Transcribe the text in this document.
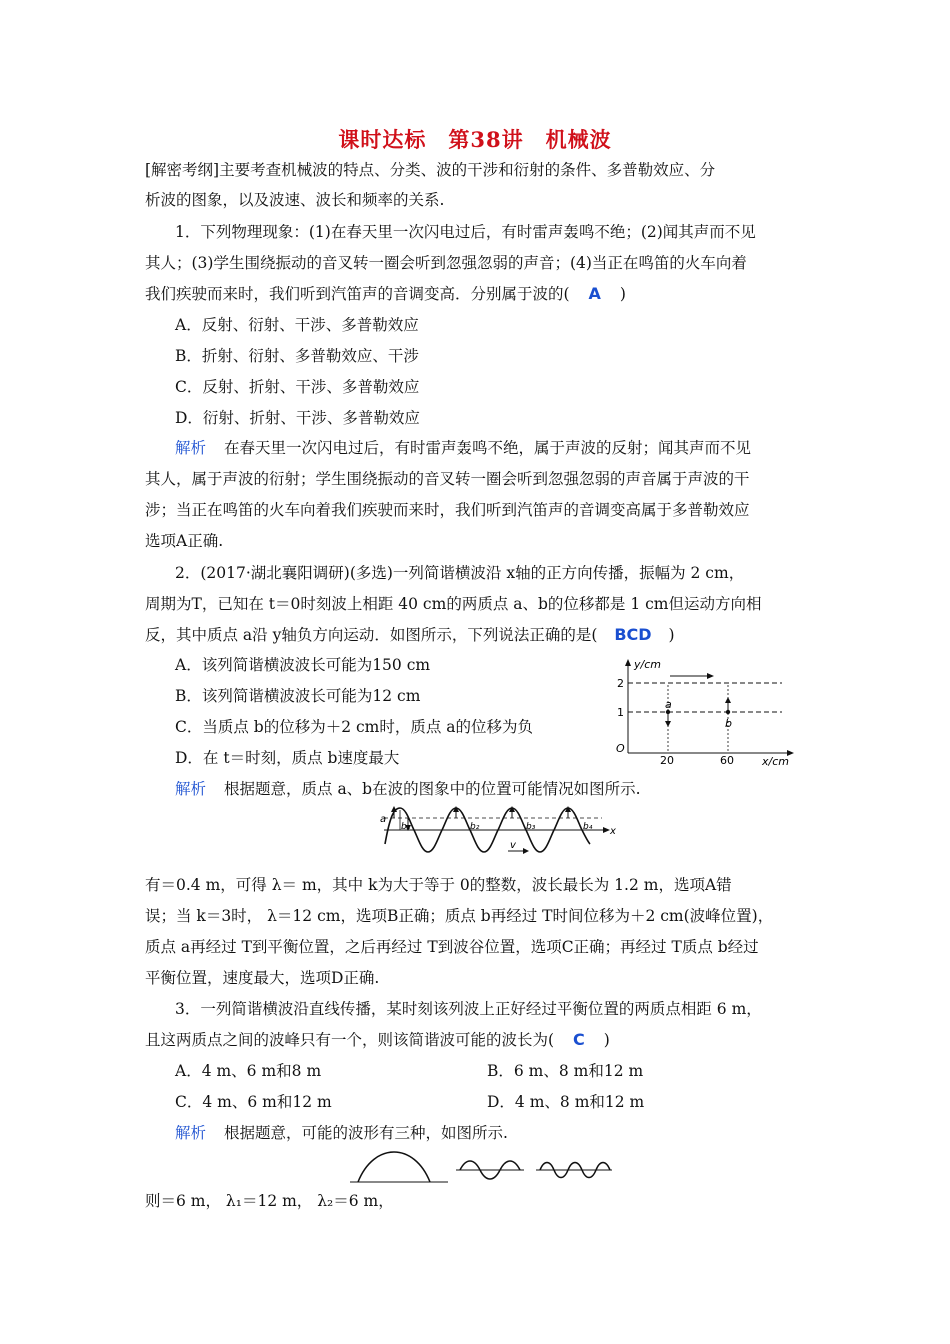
课时达标　第38讲　机械波
[解密考纲]主要考查机械波的特点、分类、波的干涉和衍射的条件、多普勒效应、分
析波的图象，以及波速、波长和频率的关系.
1．下列物理现象：(1)在春天里一次闪电过后，有时雷声轰鸣不绝；(2)闻其声而不见
其人；(3)学生围绕振动的音叉转一圈会听到忽强忽弱的声音；(4)当正在鸣笛的火车向着
我们疾驶而来时，我们听到汽笛声的音调变高．分别属于波的( A )
A．反射、衍射、干涉、多普勒效应
B．折射、衍射、多普勒效应、干涉
C．反射、折射、干涉、多普勒效应
D．衍射、折射、干涉、多普勒效应
解析 在春天里一次闪电过后，有时雷声轰鸣不绝，属于声波的反射；闻其声而不见
其人，属于声波的衍射；学生围绕振动的音叉转一圈会听到忽强忽弱的声音属于声波的干
涉；当正在鸣笛的火车向着我们疾驶而来时，我们听到汽笛声的音调变高属于多普勒效应
选项A正确.
2．(2017·湖北襄阳调研)(多选)一列简谐横波沿 x轴的正方向传播，振幅为 2 cm，
周期为T，已知在 t＝0时刻波上相距 40 cm的两质点 a、b的位移都是 1 cm但运动方向相
反，其中质点 a沿 y轴负方向运动．如图所示，下列说法正确的是( BCD )
A．该列简谐横波波长可能为150 cm
B．该列简谐横波波长可能为12 cm
C．当质点 b的位移为＋2 cm时，质点 a的位移为负
D．在 t＝时刻，质点 b速度最大
y/cm
x/cm
O
2
1
20	60
a
b
解析 根据题意，质点 a、b在波的图象中的位置可能情况如图所示.
a
b₁	b₂	b₃	b₄ x
v
有＝0.4 m，可得 λ＝ m，其中 k为大于等于 0的整数，波长最长为 1.2 m，选项A错
误；当 k＝3时， λ＝12 cm，选项B正确；质点 b再经过 T时间位移为＋2 cm(波峰位置)，
质点 a再经过 T到平衡位置，之后再经过 T到波谷位置，选项C正确；再经过 T质点 b经过
平衡位置，速度最大，选项D正确.
3．一列简谐横波沿直线传播，某时刻该列波上正好经过平衡位置的两质点相距 6 m，
且这两质点之间的波峰只有一个，则该简谐波可能的波长为( C )
A．4 m、6 m和8 m	B．6 m、8 m和12 m
C．4 m、6 m和12 m	D．4 m、8 m和12 m
解析 根据题意，可能的波形有三种，如图所示.
则＝6 m， λ₁＝12 m， λ₂＝6 m，
